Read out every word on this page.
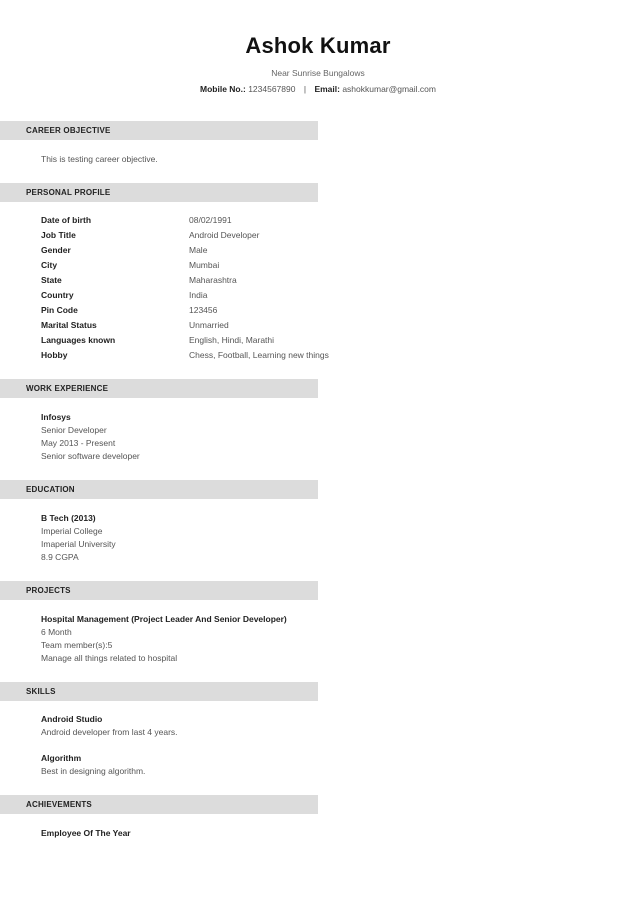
Ashok Kumar
Near Sunrise Bungalows
Mobile No.: 1234567890 | Email: ashokkumar@gmail.com
CAREER OBJECTIVE
This is testing career objective.
PERSONAL PROFILE
Date of birth	08/02/1991
Job Title	Android Developer
Gender	Male
City	Mumbai
State	Maharashtra
Country	India
Pin Code	123456
Marital Status	Unmarried
Languages known	English, Hindi, Marathi
Hobby	Chess, Football, Learning new things
WORK EXPERIENCE
Infosys
Senior Developer
May 2013 - Present
Senior software developer
EDUCATION
B Tech (2013)
Imperial College
Imaperial University
8.9 CGPA
PROJECTS
Hospital Management (Project Leader And Senior Developer)
6 Month
Team member(s):5
Manage all things related to hospital
SKILLS
Android Studio
Android developer from last 4 years.
Algorithm
Best in designing algorithm.
ACHIEVEMENTS
Employee Of The Year
